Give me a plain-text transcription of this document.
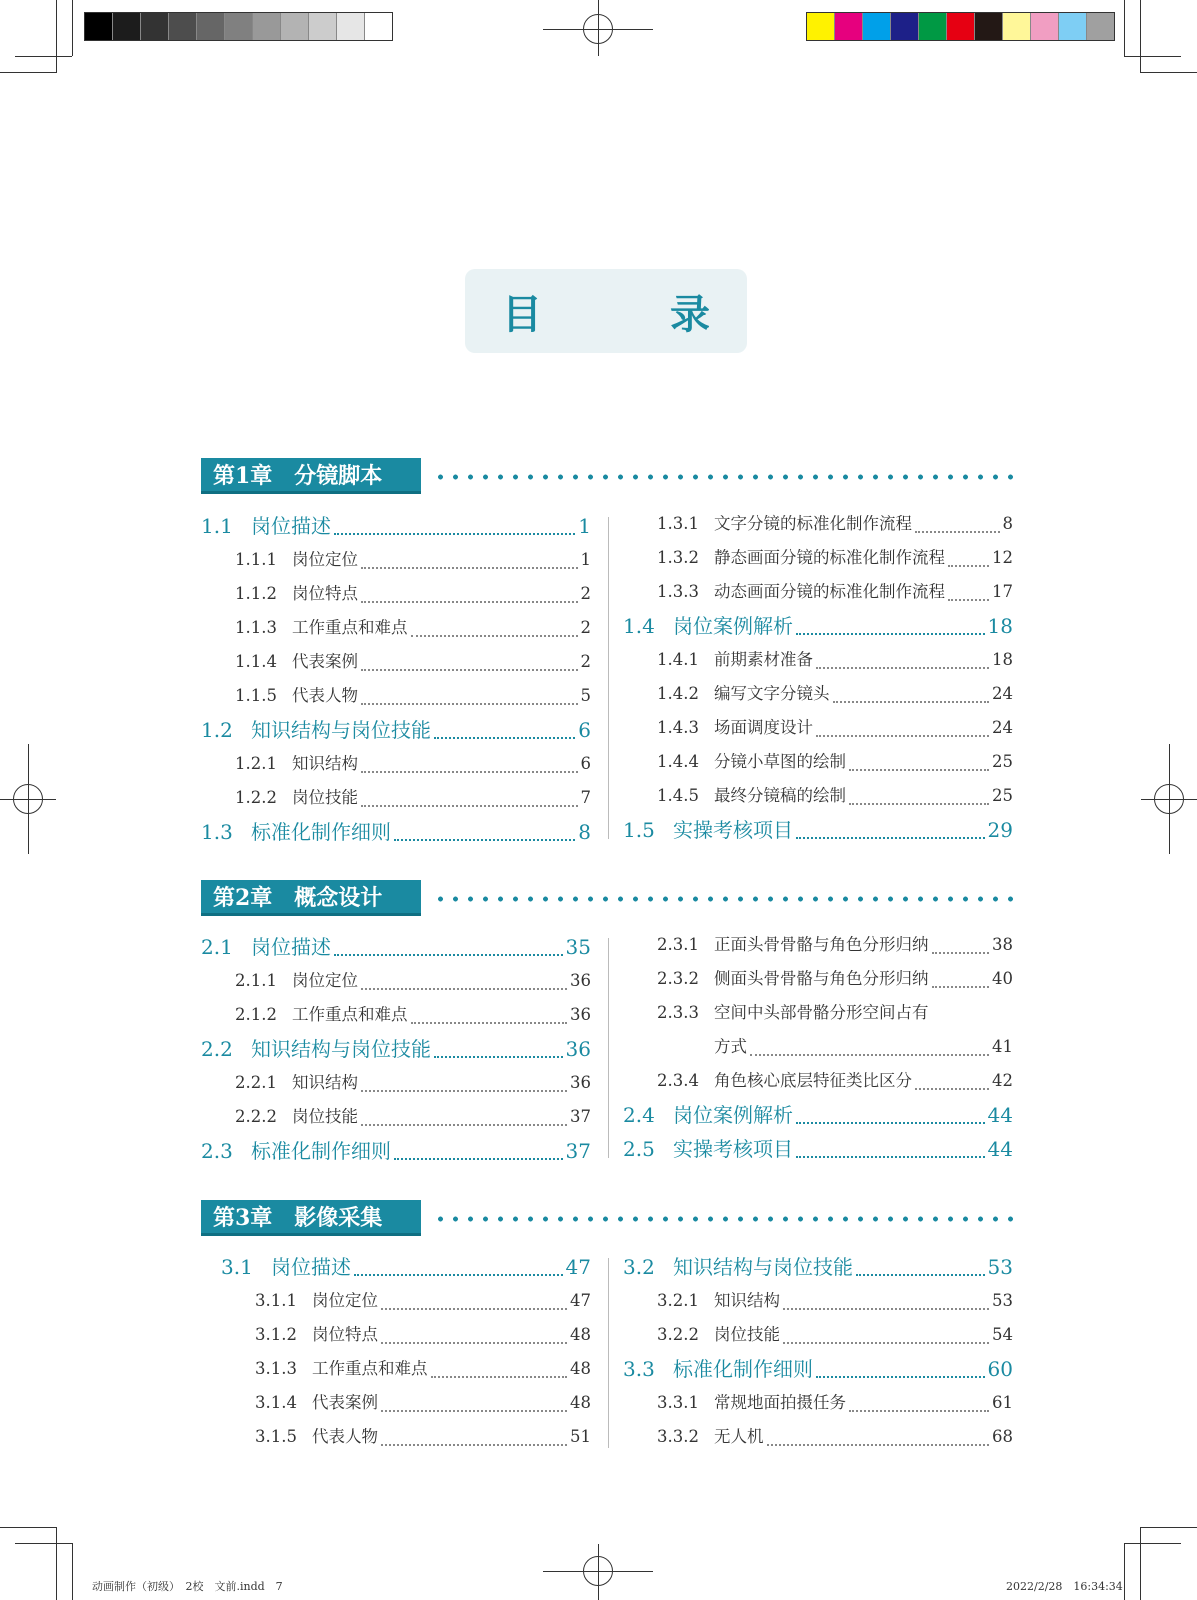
目　录
第1章　分镜脚本
1.1 岗位描述	1
1.1.1 岗位定位	1
1.1.2 岗位特点	2
1.1.3 工作重点和难点	2
1.1.4 代表案例	2
1.1.5 代表人物	5
1.2 知识结构与岗位技能	6
1.2.1 知识结构	6
1.2.2 岗位技能	7
1.3 标准化制作细则	8
1.3.1 文字分镜的标准化制作流程	8
1.3.2 静态画面分镜的标准化制作流程	12
1.3.3 动态画面分镜的标准化制作流程	17
1.4 岗位案例解析	18
1.4.1 前期素材准备	18
1.4.2 编写文字分镜头	24
1.4.3 场面调度设计	24
1.4.4 分镜小草图的绘制	25
1.4.5 最终分镜稿的绘制	25
1.5 实操考核项目	29
第2章　概念设计
2.1 岗位描述	35
2.1.1 岗位定位	36
2.1.2 工作重点和难点	36
2.2 知识结构与岗位技能	36
2.2.1 知识结构	36
2.2.2 岗位技能	37
2.3 标准化制作细则	37
2.3.1 正面头骨骨骼与角色分形归纳	38
2.3.2 侧面头骨骨骼与角色分形归纳	40
2.3.3 空间中头部骨骼分形空间占有
方式	41
2.3.4 角色核心底层特征类比区分	42
2.4 岗位案例解析	44
2.5 实操考核项目	44
第3章　影像采集
3.1 岗位描述	47
3.1.1 岗位定位	47
3.1.2 岗位特点	48
3.1.3 工作重点和难点	48
3.1.4 代表案例	48
3.1.5 代表人物	51
3.2 知识结构与岗位技能	53
3.2.1 知识结构	53
3.2.2 岗位技能	54
3.3 标准化制作细则	60
3.3.1 常规地面拍摄任务	61
3.3.2 无人机	68
动画制作（初级）　2校　文前.indd　7	2022/2/28　16:34:34
